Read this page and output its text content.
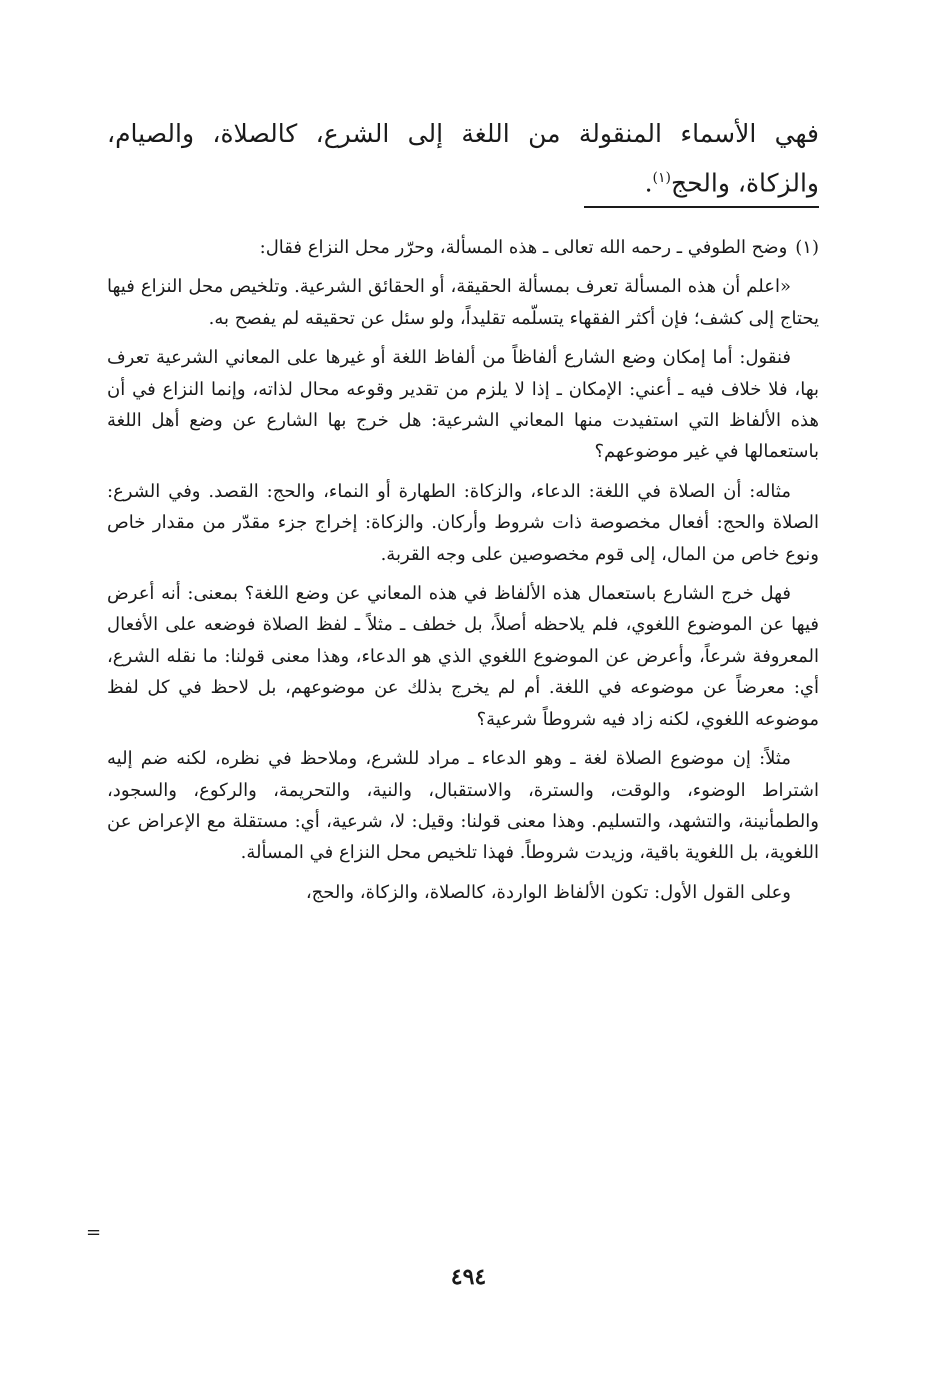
فهي الأسماء المنقولة من اللغة إلى الشرع، كالصلاة، والصيام، والزكاة، والحج$^{(١)}$.

(١)وضح الطوفي ـ رحمه الله تعالى ـ هذه المسألة، وحرّر محل النزاع فقال:

«اعلم أن هذه المسألة تعرف بمسألة الحقيقة، أو الحقائق الشرعية. وتلخيص محل النزاع فيها يحتاج إلى كشف؛ فإن أكثر الفقهاء يتسلّمه تقليداً، ولو سئل عن تحقيقه لم يفصح به.

فنقول: أما إمكان وضع الشارع ألفاظاً من ألفاظ اللغة أو غيرها على المعاني الشرعية تعرف بها، فلا خلاف فيه ـ أعني: الإمكان ـ إذا لا يلزم من تقدير وقوعه محال لذاته، وإنما النزاع في أن هذه الألفاظ التي استفيدت منها المعاني الشرعية: هل خرج بها الشارع عن وضع أهل اللغة باستعمالها في غير موضوعهم؟

مثاله: أن الصلاة في اللغة: الدعاء، والزكاة: الطهارة أو النماء، والحج: القصد. وفي الشرع: الصلاة والحج: أفعال مخصوصة ذات شروط وأركان. والزكاة: إخراج جزء مقدّر من مقدار خاص ونوع خاص من المال، إلى قوم مخصوصين على وجه القربة.

فهل خرج الشارع باستعمال هذه الألفاظ في هذه المعاني عن وضع اللغة؟ بمعنى: أنه أعرض فيها عن الموضوع اللغوي، فلم يلاحظه أصلاً، بل خطف ـ مثلاً ـ لفظ الصلاة فوضعه على الأفعال المعروفة شرعاً، وأعرض عن الموضوع اللغوي الذي هو الدعاء، وهذا معنى قولنا: ما نقله الشرع، أي: معرضاً عن موضوعه في اللغة. أم لم يخرج بذلك عن موضوعهم، بل لاحظ في كل لفظ موضوعه اللغوي، لكنه زاد فيه شروطاً شرعية؟

مثلاً: إن موضوع الصلاة لغة ـ وهو الدعاء ـ مراد للشرع، وملاحظ في نظره، لكنه ضم إليه اشتراط الوضوء، والوقت، والسترة، والاستقبال، والنية، والتحريمة، والركوع، والسجود، والطمأنينة، والتشهد، والتسليم. وهذا معنى قولنا: وقيل: لا، شرعية، أي: مستقلة مع الإعراض عن اللغوية، بل اللغوية باقية، وزيدت شروطاً. فهذا تلخيص محل النزاع في المسألة.

وعلى القول الأول: تكون الألفاظ الواردة، كالصلاة، والزكاة، والحج،

=
٤٩٤
